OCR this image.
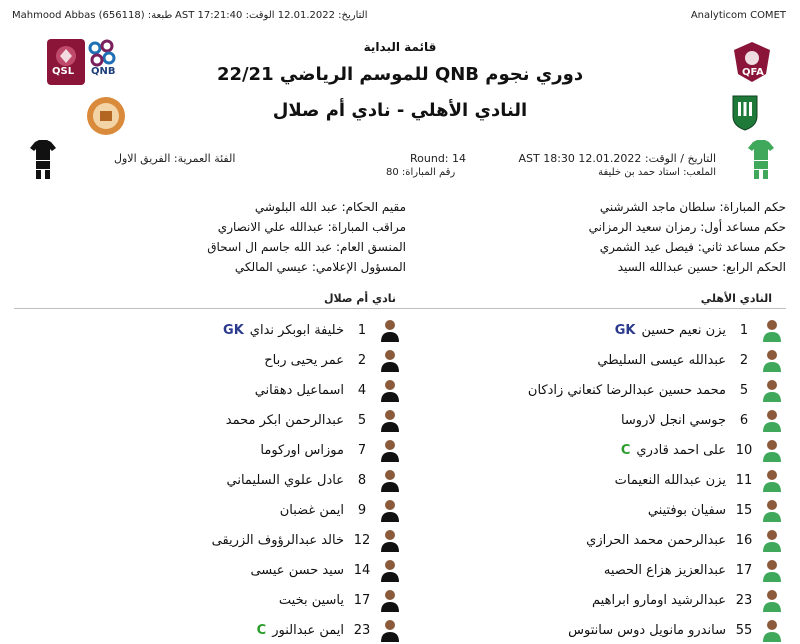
Mahmood Abbas (656118) :طبعة التاريخ: 12.01.2022 الوقت: 17:21:40 AST	Analyticom COMET
QSL QNB	QFA
قائمة البداية
دوري نجوم QNB للموسم الرياضي 22/21
النادي الأهلي - نادي أم صلال
التاريخ / الوقت: 12.01.2022 AST 18:30
الملعب: استاد حمد بن خليفة
Round: 14
رقم المباراة: 80
الفئة العمرية: الفريق الاول
حكم المباراة: سلطان ماجد الشرشني
حكم مساعد أول: رمزان سعيد الرمزاني
حكم مساعد ثاني: فيصل عيد الشمري
الحكم الرابع: حسين عبدالله السيد
مقيم الحكام: عبد الله البلوشي
مراقب المباراة: عبدالله علي الانصاري
المنسق العام: عبد الله جاسم ال اسحاق
المسؤول الإعلامي: عيسي المالكي
النادي الأهلي
نادي أم صلال
1
يزن نعيم حسين
GK
2
عبدالله عيسى السليطي
5
محمد حسين عبدالرضا كنعاني زادكان
6
جوسي انجل لاروسا
10
على احمد قادري
C
11
يزن عبدالله النعيمات
15
سفيان بوفتيني
16
عبدالرحمن محمد الحرازي
17
عبدالعزيز هزاع الحصيه
23
عبدالرشيد اومارو ابراهيم
55
ساندرو مانويل دوس سانتوس
1
خليفة ابوبكر نداي
GK
2
عمر يحيى رباح
4
اسماعيل دهقاني
5
عبدالرحمن ابكر محمد
7
موزاس اوركوما
8
عادل علوي السليماني
9
ايمن غضبان
12
خالد عبدالرؤوف الزريقى
14
سيد حسن عيسى
17
ياسين بخيت
23
ايمن عبدالنور
C
